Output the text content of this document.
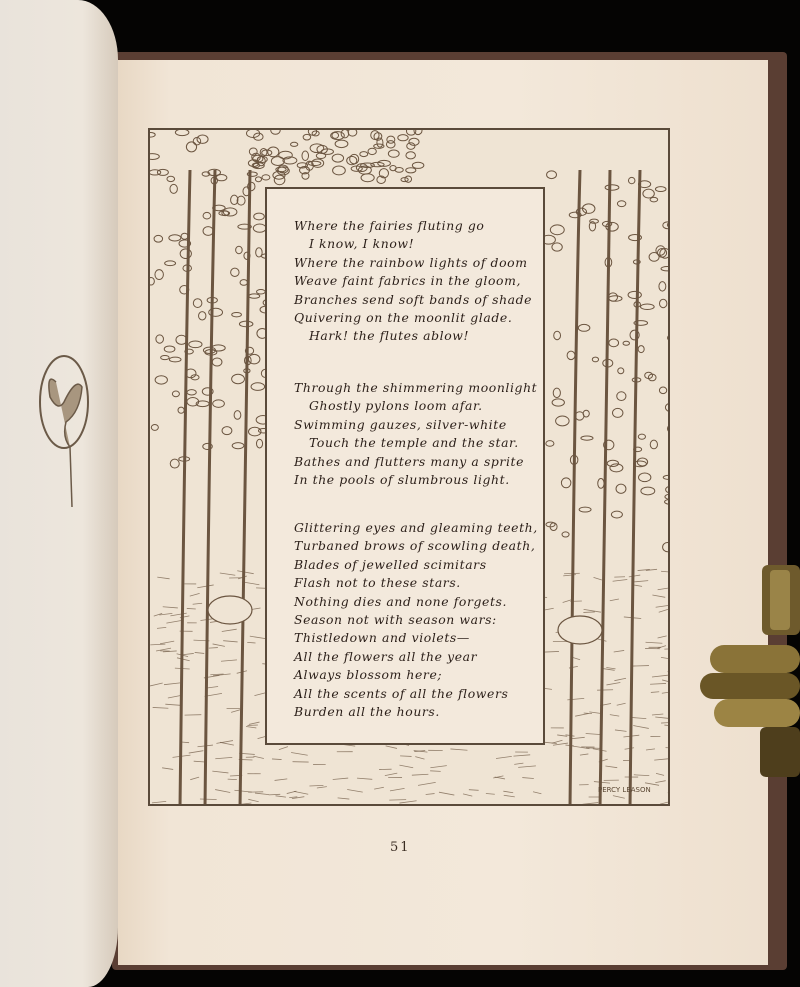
Where the fairies fluting go
I know, I know!
Where the rainbow lights of doom
Weave faint fabrics in the gloom,
Branches send soft bands of shade
Quivering on the moonlit glade.
Hark! the flutes ablow!
Through the shimmering moonlight
Ghostly pylons loom afar.
Swimming gauzes, silver-white
Touch the temple and the star.
Bathes and flutters many a sprite
In the pools of slumbrous light.
Glittering eyes and gleaming teeth,
Turbaned brows of scowling death,
Blades of jewelled scimitars
Flash not to these stars.
Nothing dies and none forgets.
Season not with season wars:
Thistledown and violets—
All the flowers all the year
Always blossom here;
All the scents of all the flowers
Burden all the hours.
PERCY LEASON
51
